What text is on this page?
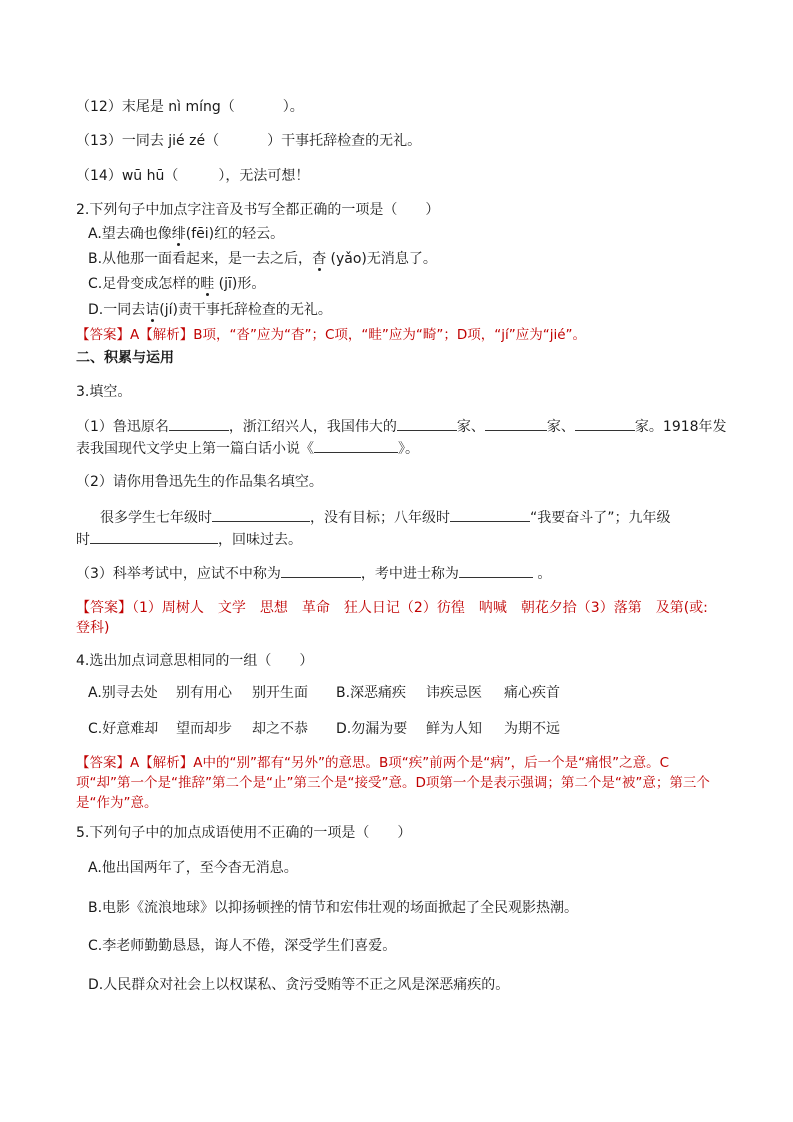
（12）末尾是 nì míng（	）。
（13）一同去 jié zé（	）干事托辞检查的无礼。
（14）wū hū（	），无法可想！
2.下列句子中加点字注音及书写全都正确的一项是（　　）
A.望去确也像绯(fēi)红的轻云。
B.从他那一面看起来，是一去之后，杳 (yǎo)无消息了。
C.足骨变成怎样的畦 (jī)形。
D.一同去诘(jí)责干事托辞检查的无礼。
【答案】A【解析】B项，“沓”应为“杳”；C项，“畦”应为“畸”；D项，“jí”应为“jié”。
二、积累与运用
3.填空。
（1）鲁迅原名	，浙江绍兴人，我国伟大的	家、	家、	家。1918年发
表我国现代文学史上第一篇白话小说《	》。
（2）请你用鲁迅先生的作品集名填空。
很多学生七年级时	，没有目标；八年级时	“我要奋斗了”；九年级
时	，回味过去。
（3）科举考试中，应试不中称为	，考中进士称为	。
【答案】（1）周树人　文学　思想　革命　狂人日记（2）彷徨　呐喊　朝花夕拾（3）落第　及第(或:
登科)
4.选出加点词意思相同的一组（　　）
A.别寻去处 别有用心 别开生面 B.深恶痛疾 讳疾忌医 痛心疾首
C.好意难却 望而却步 却之不恭 D.勿漏为要 鲜为人知 为期不远
【答案】A【解析】A中的“别”都有“另外”的意思。B项“疾”前两个是“病”，后一个是“痛恨”之意。C项“却”第一个是“推辞”第二个是“止”第三个是“接受”意。D项第一个是表示强调；第二个是“被”意；第三个是“作为”意。
5.下列句子中的加点成语使用不正确的一项是（　　）
A.他出国两年了，至今杳无消息。
B.电影《流浪地球》以抑扬顿挫的情节和宏伟壮观的场面掀起了全民观影热潮。
C.李老师勤勤恳恳，诲人不倦，深受学生们喜爱。
D.人民群众对社会上以权谋私、贪污受贿等不正之风是深恶痛疾的。
